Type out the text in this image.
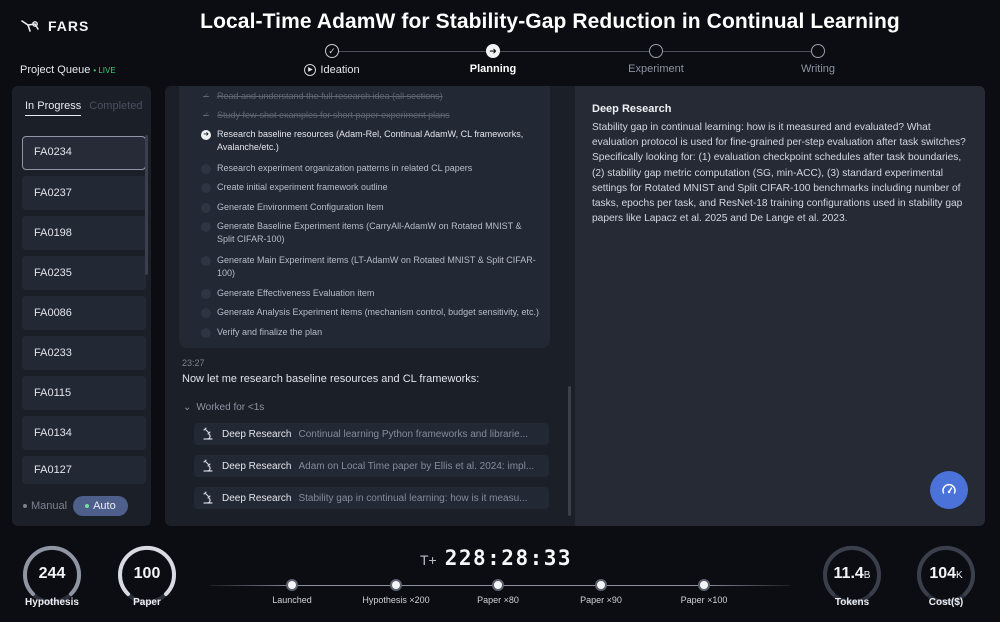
FARS	Local-Time AdamW for Stability-Gap Reduction in Continual Learning
Project Queue • LIVE
✓
▶ Ideation
➜
Planning	Experiment	Writing
In Progress Completed
FA0234
FA0237
FA0198
FA0235
FA0086
FA0233
FA0115
FA0134
FA0127
Manual	Auto
✓ Read and understand the full research idea (all sections)
✓ Study few-shot examples for short paper experiment plans
➜ Research baseline resources (Adam-Rel, Continual AdamW, CL frameworks, Avalanche/etc.)
Research experiment organization patterns in related CL papers
Create initial experiment framework outline
Generate Environment Configuration Item
Generate Baseline Experiment items (CarryAll-AdamW on Rotated MNIST & Split CIFAR-100)
Generate Main Experiment items (LT-AdamW on Rotated MNIST & Split CIFAR-100)
Generate Effectiveness Evaluation item
Generate Analysis Experiment items (mechanism control, budget sensitivity, etc.)
Verify and finalize the plan
23:27
Now let me research baseline resources and CL frameworks:
⌄ Worked for <1s
Deep Research Continual learning Python frameworks and librarie...
Deep Research Adam on Local Time paper by Ellis et al. 2024: impl...
Deep Research Stability gap in continual learning: how is it measu...
Deep Research
Stability gap in continual learning: how is it measured and evaluated? What evaluation protocol is used for fine-grained per-step evaluation after task switches? Specifically looking for: (1) evaluation checkpoint schedules after task boundaries, (2) stability gap metric computation (SG, min-ACC), (3) standard experimental settings for Rotated MNIST and Split CIFAR-100 benchmarks including number of tasks, epochs per task, and ResNet-18 training configurations used in stability gap papers like Lapacz et al. 2025 and De Lange et al. 2023.
244
Hypothesis
100
Paper
T+ 228:28:33
Launched	Hypothesis ×200	Paper ×80	Paper ×90	Paper ×100
11.4B
Tokens
104K
Cost($)
